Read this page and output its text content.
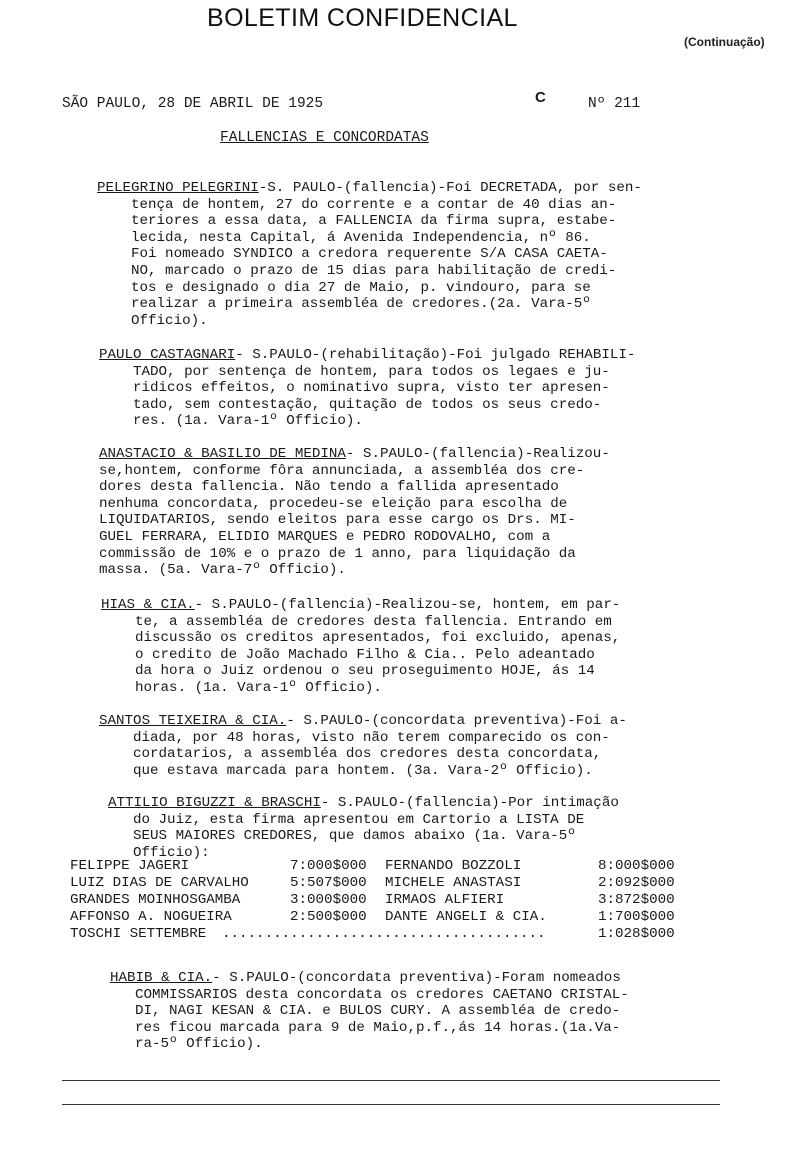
BOLETIM CONFIDENCIAL
(Continuação)
SÃO PAULO, 28 DE ABRIL DE 1925	C	Nº 211
FALLENCIAS E CONCORDATAS
PELEGRINO PELEGRINI-S. PAULO-(fallencia)-Foi DECRETADA, por sen-
tença de hontem, 27 do corrente e a contar de 40 dias an-
teriores a essa data, a FALLENCIA da firma supra, estabe-
lecida, nesta Capital, á Avenida Independencia, nº 86.
Foi nomeado SYNDICO a credora requerente S/A CASA CAETA-
NO, marcado o prazo de 15 dias para habilitação de credi-
tos e designado o dia 27 de Maio, p. vindouro, para se
realizar a primeira assembléa de credores.(2a. Vara-5º
Officio).
PAULO CASTAGNARI- S.PAULO-(rehabilitação)-Foi julgado REHABILI-
TADO, por sentença de hontem, para todos os legaes e ju-
ridicos effeitos, o nominativo supra, visto ter apresen-
tado, sem contestação, quitação de todos os seus credo-
res. (1a. Vara-1º Officio).
ANASTACIO & BASILIO DE MEDINA- S.PAULO-(fallencia)-Realizou-
se,hontem, conforme fôra annunciada, a assembléa dos cre-
dores desta fallencia. Não tendo a fallida apresentado
nenhuma concordata, procedeu-se eleição para escolha de
LIQUIDATARIOS, sendo eleitos para esse cargo os Drs. MI-
GUEL FERRARA, ELIDIO MARQUES e PEDRO RODOVALHO, com a
commissão de 10% e o prazo de 1 anno, para liquidação da
massa. (5a. Vara-7º Officio).
HIAS & CIA.- S.PAULO-(fallencia)-Realizou-se, hontem, em par-
te, a assembléa de credores desta fallencia. Entrando em
discussão os creditos apresentados, foi excluido, apenas,
o credito de João Machado Filho & Cia.. Pelo adeantado
da hora o Juiz ordenou o seu proseguimento HOJE, ás 14
horas. (1a. Vara-1º Officio).
SANTOS TEIXEIRA & CIA.- S.PAULO-(concordata preventiva)-Foi a-
diada, por 48 horas, visto não terem comparecido os con-
cordatarios, a assembléa dos credores desta concordata,
que estava marcada para hontem. (3a. Vara-2º Officio).
ATTILIO BIGUZZI & BRASCHI- S.PAULO-(fallencia)-Por intimação
do Juiz, esta firma apresentou em Cartorio a LISTA DE
SEUS MAIORES CREDORES, que damos abaixo (1a. Vara-5º
Officio):
FELIPPE JAGERI	7:000$000 FERNANDO BOZZOLI	8:000$000
LUIZ DIAS DE CARVALHO	5:507$000 MICHELE ANASTASI	2:092$000
GRANDES MOINHOSGAMBA	3:000$000 IRMAOS ALFIERI	3:872$000
AFFONSO A. NOGUEIRA	2:500$000 DANTE ANGELI & CIA.	1:700$000
TOSCHI SETTEMBRE ......................................	1:028$000
HABIB & CIA.- S.PAULO-(concordata preventiva)-Foram nomeados
COMMISSARIOS desta concordata os credores CAETANO CRISTAL-
DI, NAGI KESAN & CIA. e BULOS CURY. A assembléa de credo-
res ficou marcada para 9 de Maio,p.f.,ás 14 horas.(1a.Va-
ra-5º Officio).
